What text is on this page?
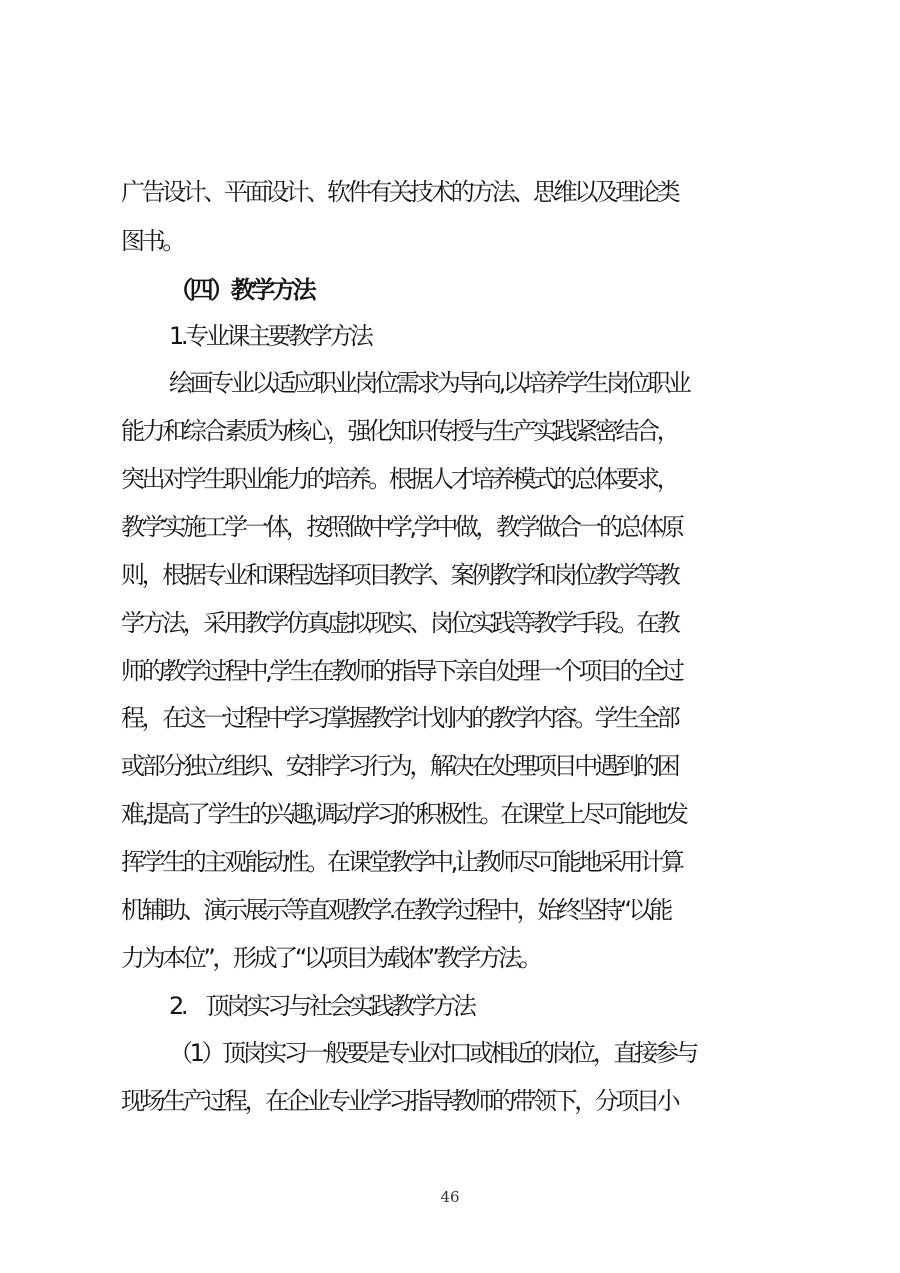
广告设计、平面设计、软件有关技术的方法、思维以及理论类
图书。
（四）教学方法
1.专业课主要教学方法
绘画专业以适应职业岗位需求为导向,以培养学生岗位职业
能力和综合素质为核心，强化知识传授与生产实践紧密结合，
突出对学生职业能力的培养。根据人才培养模式的总体要求，
教学实施工学一体，按照做中学,学中做，教学做合一的总体原
则，根据专业和课程选择项目教学、案例教学和岗位教学等教
学方法，采用教学仿真虚拟现实、岗位实践等教学手段。在教
师的教学过程中,学生在教师的指导下亲自处理一个项目的全过
程，在这一过程中学习掌握教学计划内的教学内容。学生全部
或部分独立组织、安排学习行为，解决在处理项目中遇到的困
难,提高了学生的兴趣,调动学习的积极性。在课堂上尽可能地发
挥学生的主观能动性。在课堂教学中,让教师尽可能地采用计算
机辅助、演示展示等直观教学.在教学过程中，始终坚持“以能
力为本位”，形成了“以项目为载体”教学方法。
2.　顶岗实习与社会实践教学方法
（1）顶岗实习一般要是专业对口或相近的岗位，直接参与
现场生产过程，在企业专业学习指导教师的带领下，分项目小
46
